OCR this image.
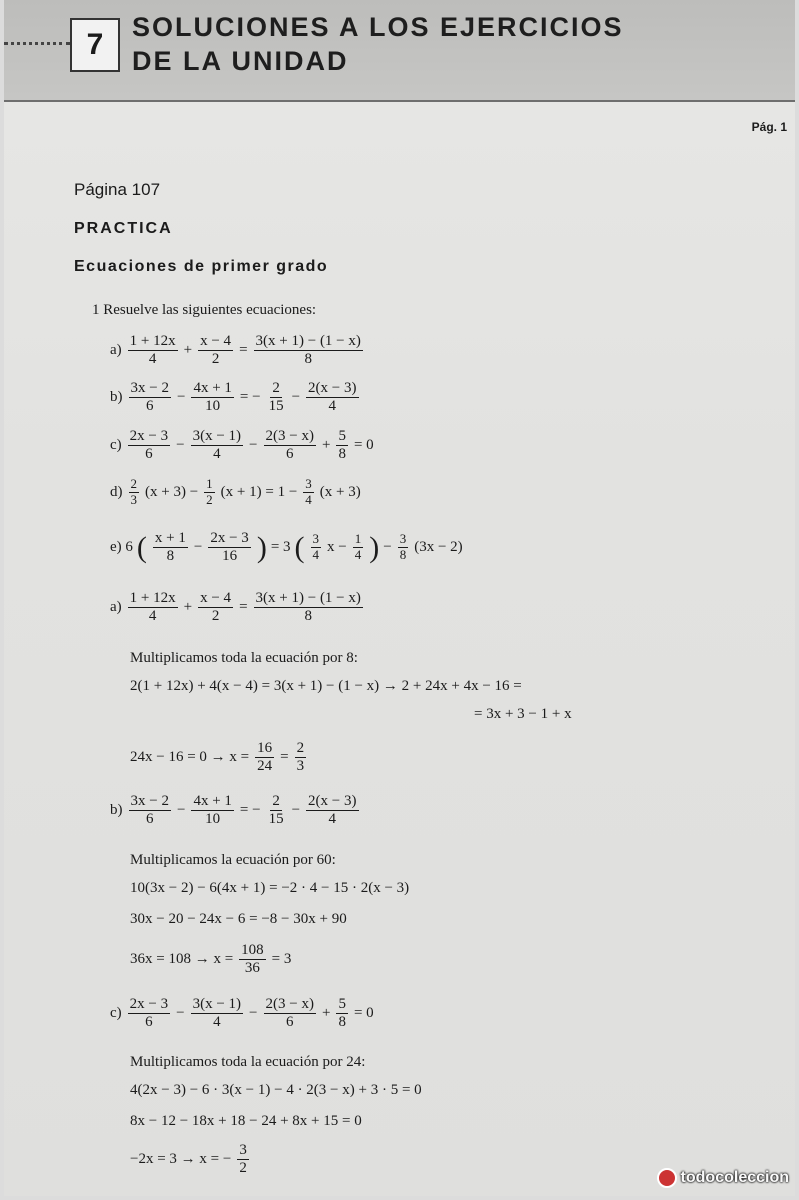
7
SOLUCIONES A LOS EJERCICIOS
DE LA UNIDAD
Pág. 1
Página 107
PRACTICA
Ecuaciones de primer grado
1 Resuelve las siguientes ecuaciones:
$a) \frac{1 + 12x}{4} + \frac{x - 4}{2} = \frac{3(x + 1) - (1 - x)}{8}$
$b) \frac{3x - 2}{6} - \frac{4x + 1}{10}$ = − $\frac{2}{15} - \frac{2(x - 3)}{4}$
$c) \frac{2x - 3}{6} - \frac{3(x - 1)}{4} - \frac{2(3 - x)}{6} + \frac{5}{8} = 0$
$d) \frac{2}{3} (x + 3) - \frac{1}{2} (x + 1) = 1 - \frac{3}{4} (x + 3)$
e) 6 ( $\frac{x + 1}{8} - \frac{2x - 3}{16}$ ) = 3 ( $\frac{3}{4}$ $x - \frac{1}{4}$ ) − $\frac{3}{8} (3x - 2)$
$a) \frac{1 + 12x}{4} + \frac{x - 4}{2} = \frac{3(x + 1) - (1 - x)}{8}$
Multiplicamos toda la ecuación por 8:
2(1 + 12x) + 4(x − 4) = 3(x + 1) − (1 − x) → 2 + 24x + 4x − 16 =
= 3x + 3 − 1 + x
$24x - 16 = 0 \to x = \frac{16}{24} = \frac{2}{3}$
$b) \frac{3x - 2}{6} - \frac{4x + 1}{10}$ = − $\frac{2}{15} - \frac{2(x - 3)}{4}$
Multiplicamos la ecuación por 60:
10(3x − 2) − 6(4x + 1) = −2 · 4 − 15 · 2(x − 3)
30x − 20 − 24x − 6 = −8 − 30x + 90
$36x = 108 \to x = \frac{108}{36} = 3$
$c) \frac{2x - 3}{6} - \frac{3(x - 1)}{4} - \frac{2(3 - x)}{6} + \frac{5}{8} = 0$
Multiplicamos toda la ecuación por 24:
4(2x − 3) − 6 · 3(x − 1) − 4 · 2(3 − x) + 3 · 5 = 0
8x − 12 − 18x + 18 − 24 + 8x + 15 = 0
−2x = 3 → x = − $\frac{3}{2}$	todocoleccion
